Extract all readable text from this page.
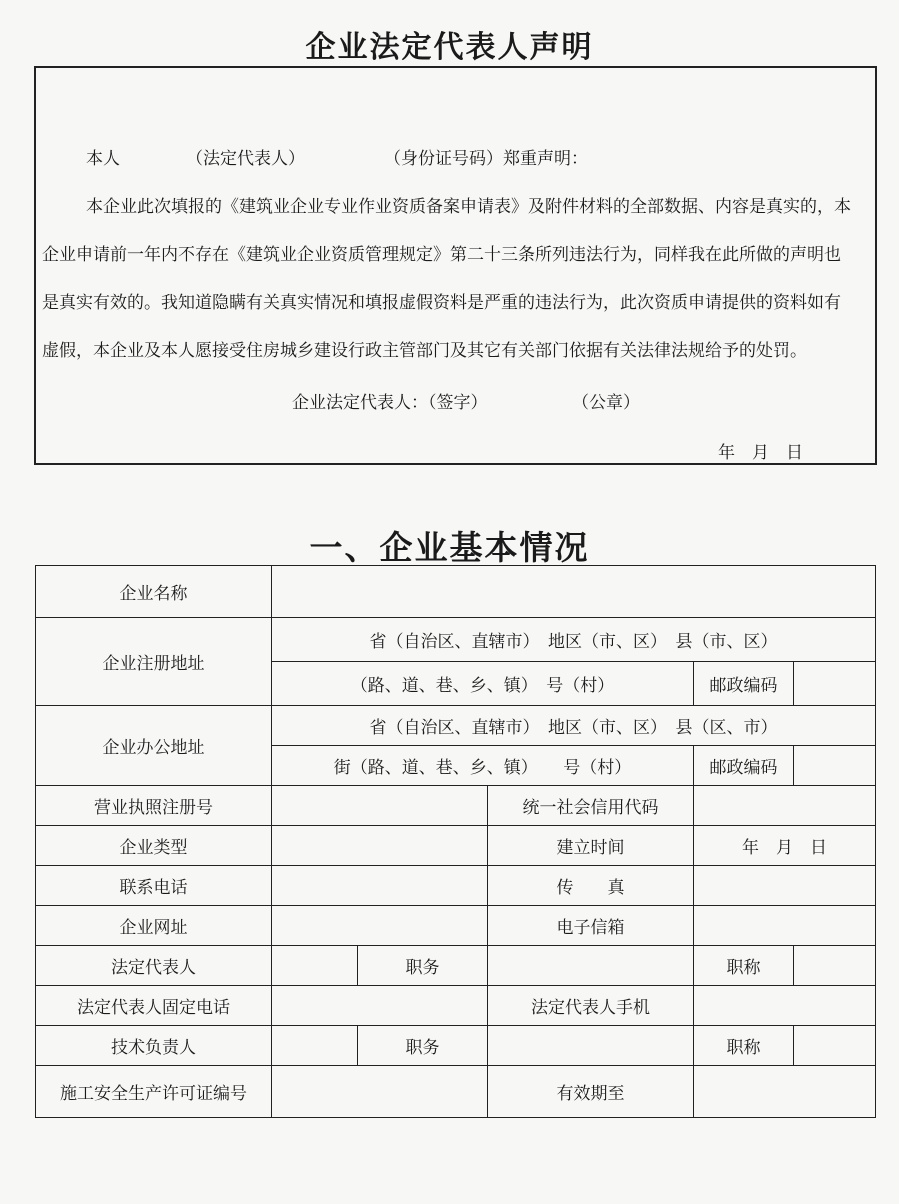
企业法定代表人声明
本人	（法定代表人）	（身份证号码）郑重声明：
本企业此次填报的《建筑业企业专业作业资质备案申请表》及附件材料的全部数据、内容是真实的，本
企业申请前一年内不存在《建筑业企业资质管理规定》第二十三条所列违法行为，同样我在此所做的声明也
是真实有效的。我知道隐瞒有关真实情况和填报虚假资料是严重的违法行为，此次资质申请提供的资料如有
虚假，本企业及本人愿接受住房城乡建设行政主管部门及其它有关部门依据有关法律法规给予的处罚。
企业法定代表人：（签字）	（公章）
年　月　日
一、企业基本情况
企业名称					
企业注册地址	省（自治区、直辖市）　地区（市、区）　县（市、区）				
	（路、道、巷、乡、镇）　号（村）			邮政编码	
企业办公地址	省（自治区、直辖市）　地区（市、区）　县（区、市）				
	街（路、道、巷、乡、镇）　　号（村）			邮政编码	
营业执照注册号			统一社会信用代码		
企业类型			建立时间	年　月　日	
联系电话			传　　真		
企业网址			电子信箱		
法定代表人		职务		职称	
法定代表人固定电话			法定代表人手机		
技术负责人		职务		职称	
施工安全生产许可证编号			有效期至		
